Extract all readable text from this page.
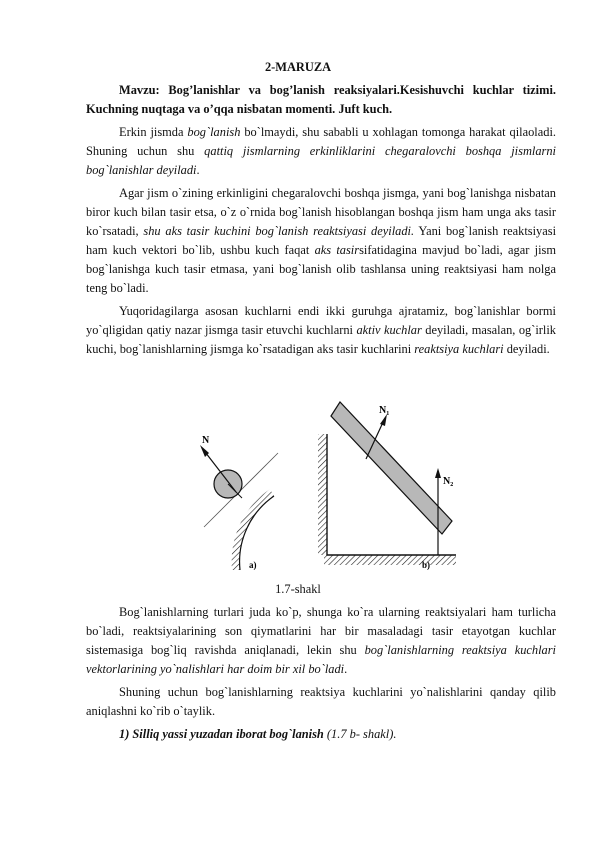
2-MARUZA

Mavzu: Bog’lanishlar va bog’lanish reaksiyalari.Kesishuvchi kuchlar tizimi. Kuchning nuqtaga va o’qqa nisbatan momenti. Juft kuch.

Erkin jismda bog`lanish bo`lmaydi, shu sababli u xohlagan tomonga harakat qilaoladi. Shuning uchun shu qattiq jismlarning erkinliklarini chegaralovchi boshqa jismlarni bog`lanishlar deyiladi.

Agar jism o`zining erkinligini chegaralovchi boshqa jismga, yani bog`lanishga nisbatan biror kuch bilan tasir etsa, o`z o`rnida bog`lanish hisoblangan boshqa jism ham unga aks tasir ko`rsatadi, shu aks tasir kuchini bog`lanish reaktsiyasi deyiladi. Yani bog`lanish reaktsiyasi ham kuch vektori bo`lib, ushbu kuch faqat aks tasirsifatidagina mavjud bo`ladi, agar jism bog`lanishga kuch tasir etmasa, yani bog`lanish olib tashlansa uning reaktsiyasi ham nolga teng bo`ladi.

Yuqoridagilarga asosan kuchlarni endi ikki guruhga ajratamiz, bog`lanishlar bormi yo`qligidan qatiy nazar jismga tasir etuvchi kuchlarni aktiv kuchlar deyiladi, masalan, og`irlik kuchi, bog`lanishlarning jismga ko`rsatadigan aks tasir kuchlarini reaktsiya kuchlari deyiladi.

N
a)
$N_1$
$N_2$
b)
1.7-shakl

Bog`lanishlarning turlari juda ko`p, shunga ko`ra ularning reaktsiyalari ham turlicha bo`ladi, reaktsiyalarining son qiymatlarini har bir masaladagi tasir etayotgan kuchlar sistemasiga bog`liq ravishda aniqlanadi, lekin shu bog`lanishlarning reaktsiya kuchlari vektorlarining yo`nalishlari har doim bir xil bo`ladi.

Shuning uchun bog`lanishlarning reaktsiya kuchlarini yo`nalishlarini qanday qilib aniqlashni ko`rib o`taylik.

1) Silliq yassi yuzadan iborat bog`lanish (1.7 b- shakl).
